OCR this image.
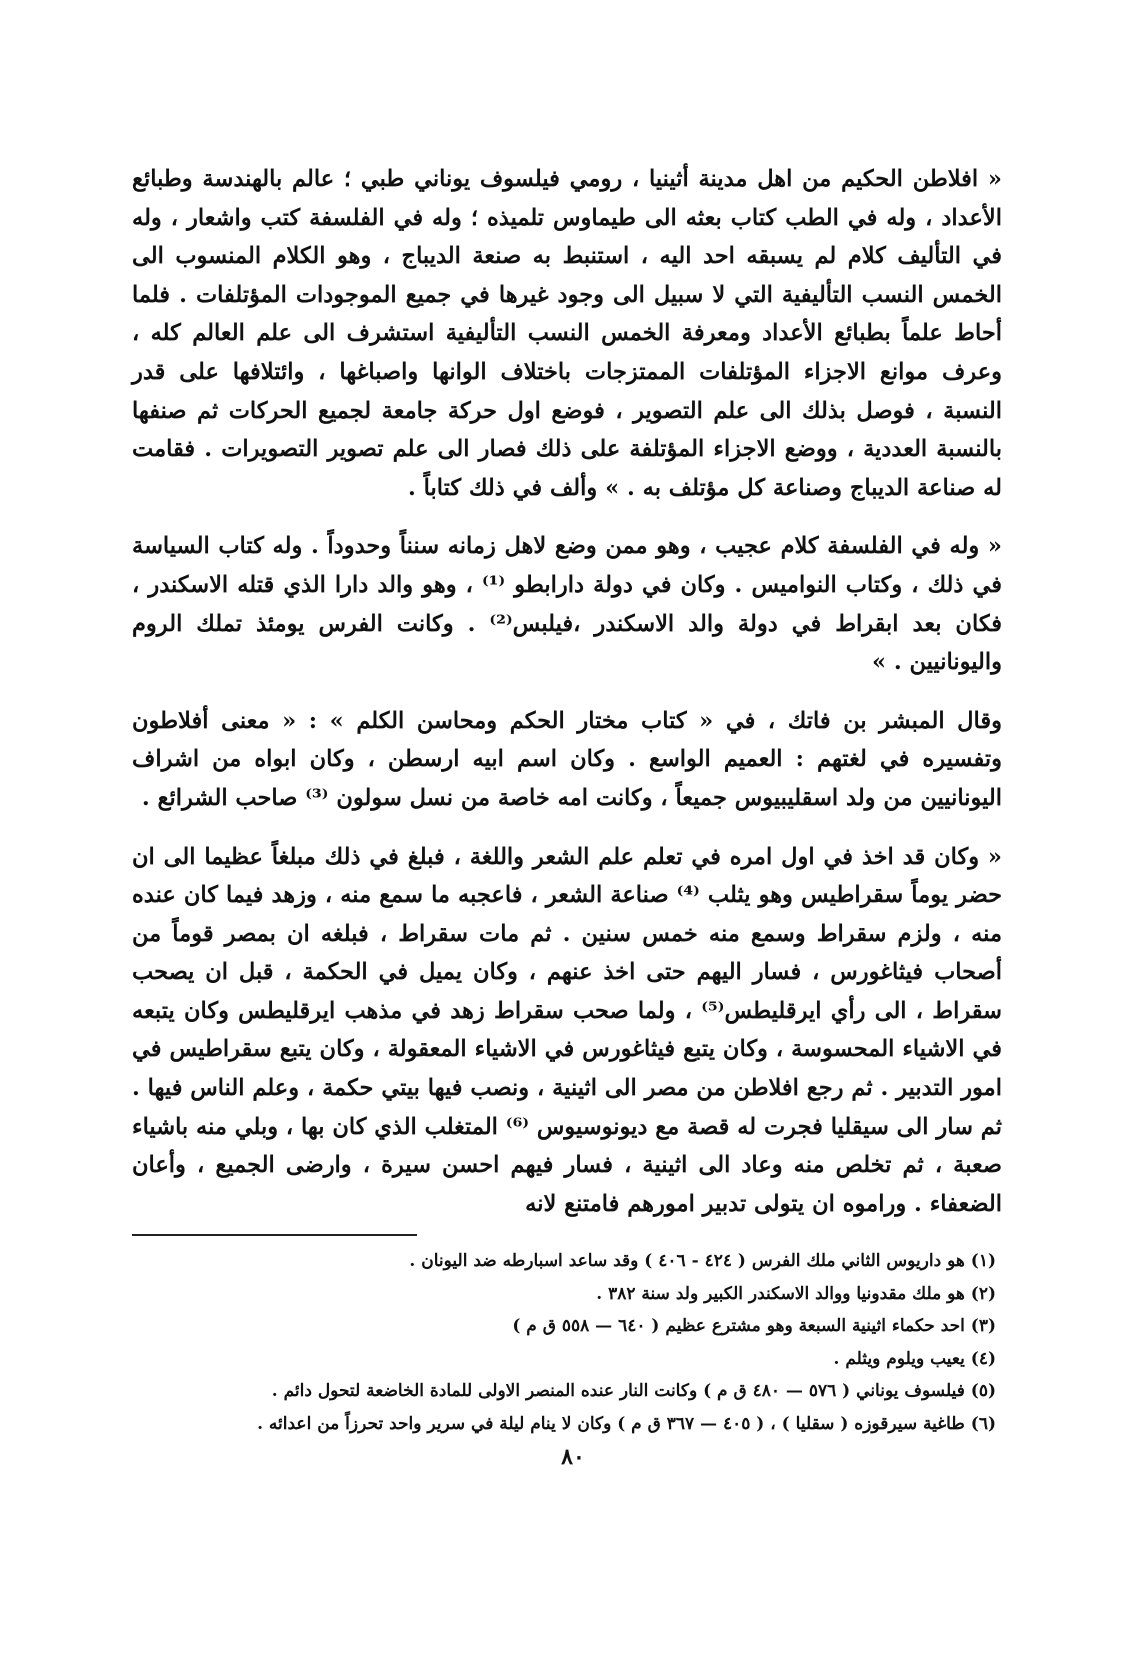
« افلاطن الحكيم من اهل مدينة أثينيا ، رومي فيلسوف يوناني طبي ؛ عالم بالهندسة وطبائع الأعداد ، وله في الطب كتاب بعثه الى طيماوس تلميذه ؛ وله في الفلسفة كتب واشعار ، وله في التأليف كلام لم يسبقه احد اليه ، استنبط به صنعة الديباج ، وهو الكلام المنسوب الى الخمس النسب التأليفية التي لا سبيل الى وجود غيرها في جميع الموجودات المؤتلفات . فلما أحاط علماً بطبائع الأعداد ومعرفة الخمس النسب التأليفية استشرف الى علم العالم كله ، وعرف موانع الاجزاء المؤتلفات الممتزجات باختلاف الوانها واصباغها ، وائتلافها على قدر النسبة ، فوصل بذلك الى علم التصوير ، فوضع اول حركة جامعة لجميع الحركات ثم صنفها بالنسبة العددية ، ووضع الاجزاء المؤتلفة على ذلك فصار الى علم تصوير التصويرات . فقامت له صناعة الديباج وصناعة كل مؤتلف به . » وألف في ذلك كتاباً .

« وله في الفلسفة كلام عجيب ، وهو ممن وضع لاهل زمانه سنناً وحدوداً . وله كتاب السياسة في ذلك ، وكتاب النواميس . وكان في دولة دارابطو ⁽¹⁾ ، وهو والد دارا الذي قتله الاسكندر ، فكان بعد ابقراط في دولة والد الاسكندر ،فيلبس⁽²⁾ . وكانت الفرس يومئذ تملك الروم واليونانيين . »

وقال المبشر بن فاتك ، في « كتاب مختار الحكم ومحاسن الكلم » : « معنى أفلاطون وتفسيره في لغتهم : العميم الواسع . وكان اسم ابيه ارسطن ، وكان ابواه من اشراف اليونانيين من ولد اسقليبيوس جميعاً ، وكانت امه خاصة من نسل سولون ⁽³⁾ صاحب الشرائع .

« وكان قد اخذ في اول امره في تعلم علم الشعر واللغة ، فبلغ في ذلك مبلغاً عظيما الى ان حضر يوماً سقراطيس وهو يثلب ⁽⁴⁾ صناعة الشعر ، فاعجبه ما سمع منه ، وزهد فيما كان عنده منه ، ولزم سقراط وسمع منه خمس سنين . ثم مات سقراط ، فبلغه ان بمصر قوماً من أصحاب فيثاغورس ، فسار اليهم حتى اخذ عنهم ، وكان يميل في الحكمة ، قبل ان يصحب سقراط ، الى رأي ايرقليطس⁽⁵⁾ ، ولما صحب سقراط زهد في مذهب ايرقليطس وكان يتبعه في الاشياء المحسوسة ، وكان يتبع فيثاغورس في الاشياء المعقولة ، وكان يتبع سقراطيس في امور التدبير . ثم رجع افلاطن من مصر الى اثينية ، ونصب فيها بيتي حكمة ، وعلم الناس فيها . ثم سار الى سيقليا فجرت له قصة مع ديونوسيوس ⁽⁶⁾ المتغلب الذي كان بها ، وبلي منه باشياء صعبة ، ثم تخلص منه وعاد الى اثينية ، فسار فيهم احسن سيرة ، وارضى الجميع ، وأعان الضعفاء . وراموه ان يتولى تدبير امورهم فامتنع لانه

(١) هو داريوس الثاني ملك الفرس ( ٤٢٤ - ٤٠٦ ) وقد ساعد اسبارطه ضد اليونان .
(٢) هو ملك مقدونيا ووالد الاسكندر الكبير ولد سنة ٣٨٢ .
(٣) احد حكماء اثينية السبعة وهو مشترع عظيم ( ٦٤٠ — ٥٥٨ ق م )
(٤) يعيب ويلوم ويثلم .
(٥) فيلسوف يوناني ( ٥٧٦ — ٤٨٠ ق م ) وكانت النار عنده المنصر الاولى للمادة الخاضعة لتحول دائم .
(٦) طاغية سيرقوزه ( سقليا ) ، ( ٤٠٥ — ٣٦٧ ق م ) وكان لا ينام ليلة في سرير واحد تحرزاً من اعدائه .
٨٠
